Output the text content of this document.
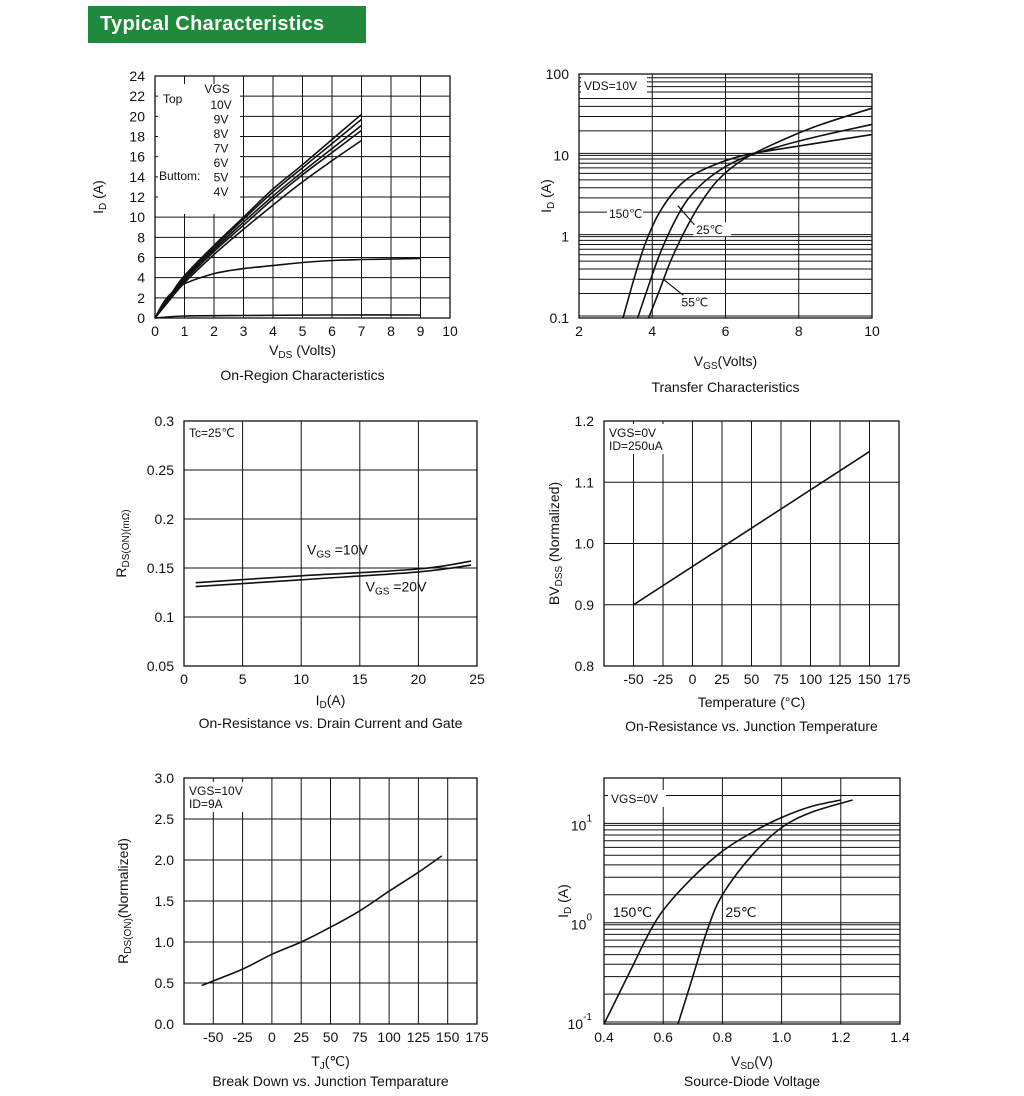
Typical Characteristics
0 1 2 3 4 5 6 7 8 9 10
0
2
4
6
8
10
12
14
16
18
20
22
24
$V_{DS}$ (Volts)
$I_D$ (A)
On-Region Characteristics
VGS
Top
Buttom:
10V
9V
8V
7V
6V
5V
4V
2	4	6	8	10
0.1
1
10
100
$V_{GS}(Volts)$
$I_D$ (A)
Transfer Characteristics
VDS=10V
150℃
25℃
55℃
0	5	10	15	20	25
0.05
0.1
0.15
0.2
0.25
0.3
$I_D(A)$
$R_{DS(ON)(m\Omega)}$
On-Resistance vs. Drain Current and Gate
Tc=25℃
$V_{GS} =10V$
$V_{GS} =20V$
-50 -25 0 25 50 75 100 125 150 175
0.8
0.9
1.0
1.1
1.2
Temperature (°C)
$BV_{DSS}$ (Normalized)
On-Resistance vs. Junction Temperature
VGS=0V
ID=250uA
-50 -25 0 25 50 75 100 125 150 175
0.0
0.5
1.0
1.5
2.0
2.5
3.0
$T_J(℃)$
$R_{DS(ON)}(Normalized)$
Break Down vs. Junction Temparature
VGS=10V
ID=9A
0.4	0.6	0.8	1.0	1.2	1.4
$10^{-1}$
$10^0$
$10^1$
$V_{SD}(V)$
$I_D$ (A)
Source-Diode Voltage
VGS=0V
150℃	25℃
